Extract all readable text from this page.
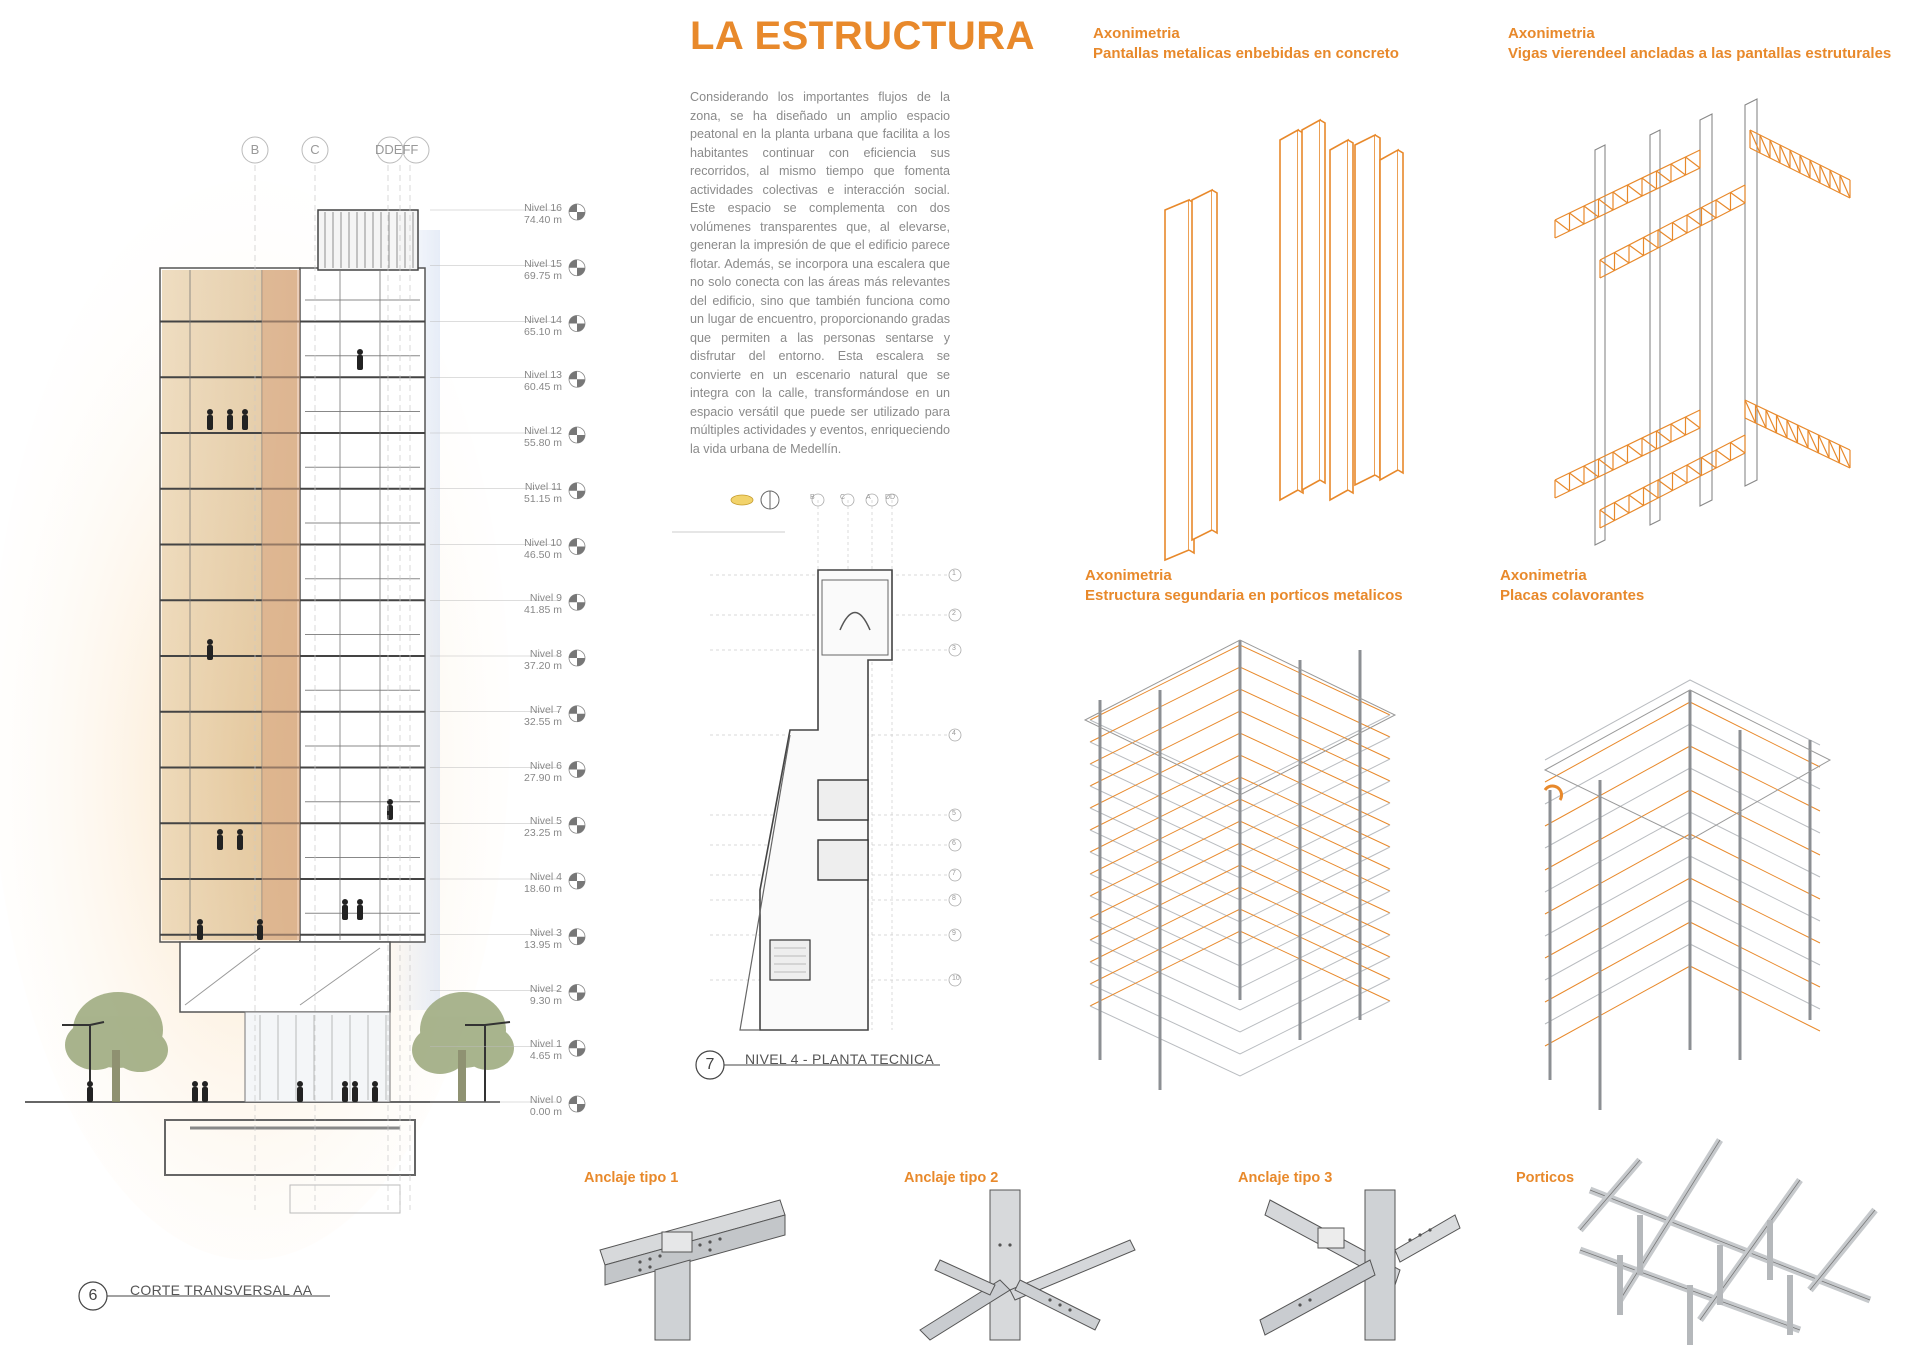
LA ESTRUCTURA
Considerando los importantes flujos de la zona, se ha diseñado un amplio espacio peatonal en la planta urbana que facilita a los habitantes continuar con eficiencia sus recorridos, al mismo tiempo que fomenta actividades colectivas e interacción social. Este espacio se complementa con dos volúmenes transparentes que, al elevarse, generan la impresión de que el edificio parece flotar. Además, se incorpora una escalera que no solo conecta con las áreas más relevantes del edificio, sino que también funciona como un lugar de encuentro, proporcionando gradas que permiten a las personas sentarse y disfrutar del entorno. Esta escalera se convierte en un escenario natural que se integra con la calle, transformándose en un espacio versátil que puede ser utilizado para múltiples actividades y eventos, enriqueciendo la vida urbana de Medellín.
Nivel 16
74.40 m
Nivel 15
69.75 m
Nivel 14
65.10 m
Nivel 13
60.45 m
Nivel 12
55.80 m
Nivel 11
51.15 m
Nivel 10
46.50 m
Nivel 9
41.85 m
Nivel 8
37.20 m
Nivel 7
32.55 m
Nivel 6
27.90 m
Nivel 5
23.25 m
Nivel 4
18.60 m
Nivel 3
13.95 m
Nivel 2
9.30 m
Nivel 1
4.65 m
Nivel 0
0.00 m
B	C	DDEFF
6	CORTE TRANSVERSAL AA
B	C	A DD
1
2
3
4
5
6
7
8
9
10
7	NIVEL 4 - PLANTA TECNICA
Axonimetria
Pantallas metalicas enbebidas en concreto
Axonimetria
Vigas vierendeel ancladas a las pantallas estruturales
Axonimetria
Estructura segundaria en porticos metalicos
Axonimetria
Placas colavorantes
Anclaje tipo 1	Anclaje tipo 2	Anclaje tipo 3	Porticos
